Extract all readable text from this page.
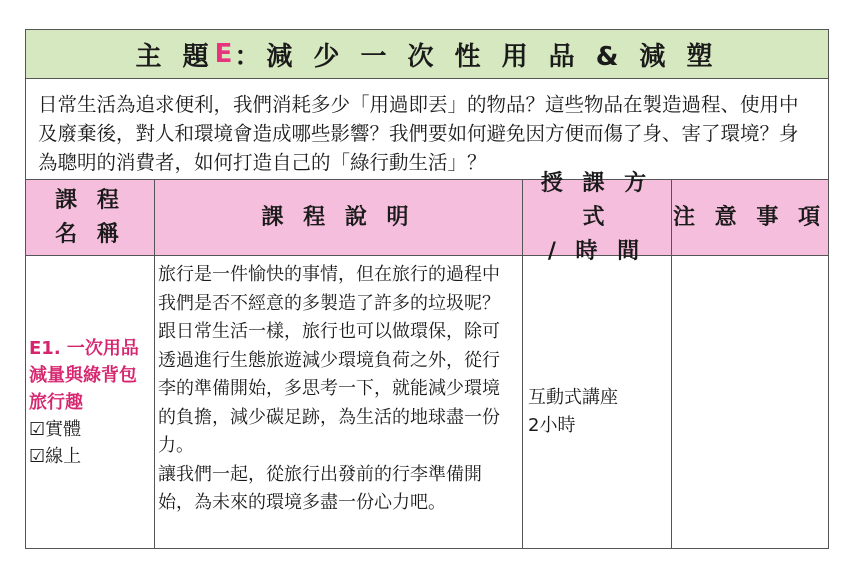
主 題 E ：減 少 一 次 性 用 品 & 減 塑
日常生活為追求便利，我們消耗多少「用過即丟」的物品？這些物品在製造過程、使用中及廢棄後，對人和環境會造成哪些影響？我們要如何避免因方便而傷了身、害了環境？身為聰明的消費者，如何打造自己的「綠行動生活」？
課 程
名 稱
課 程 說 明
授 課 方 式
/ 時 間
注 意 事 項
E1. 一次用品減量與綠背包旅行趣
☑實體
☑線上

旅行是一件愉快的事情，但在旅行的過程中我們是否不經意的多製造了許多的垃圾呢？跟日常生活一樣，旅行也可以做環保，除可透過進行生態旅遊減少環境負荷之外，從行李的準備開始，多思考一下，就能減少環境的負擔，減少碳足跡，為生活的地球盡一份力。

讓我們一起，從旅行出發前的行李準備開始，為未來的環境多盡一份心力吧。

互動式講座
2小時
